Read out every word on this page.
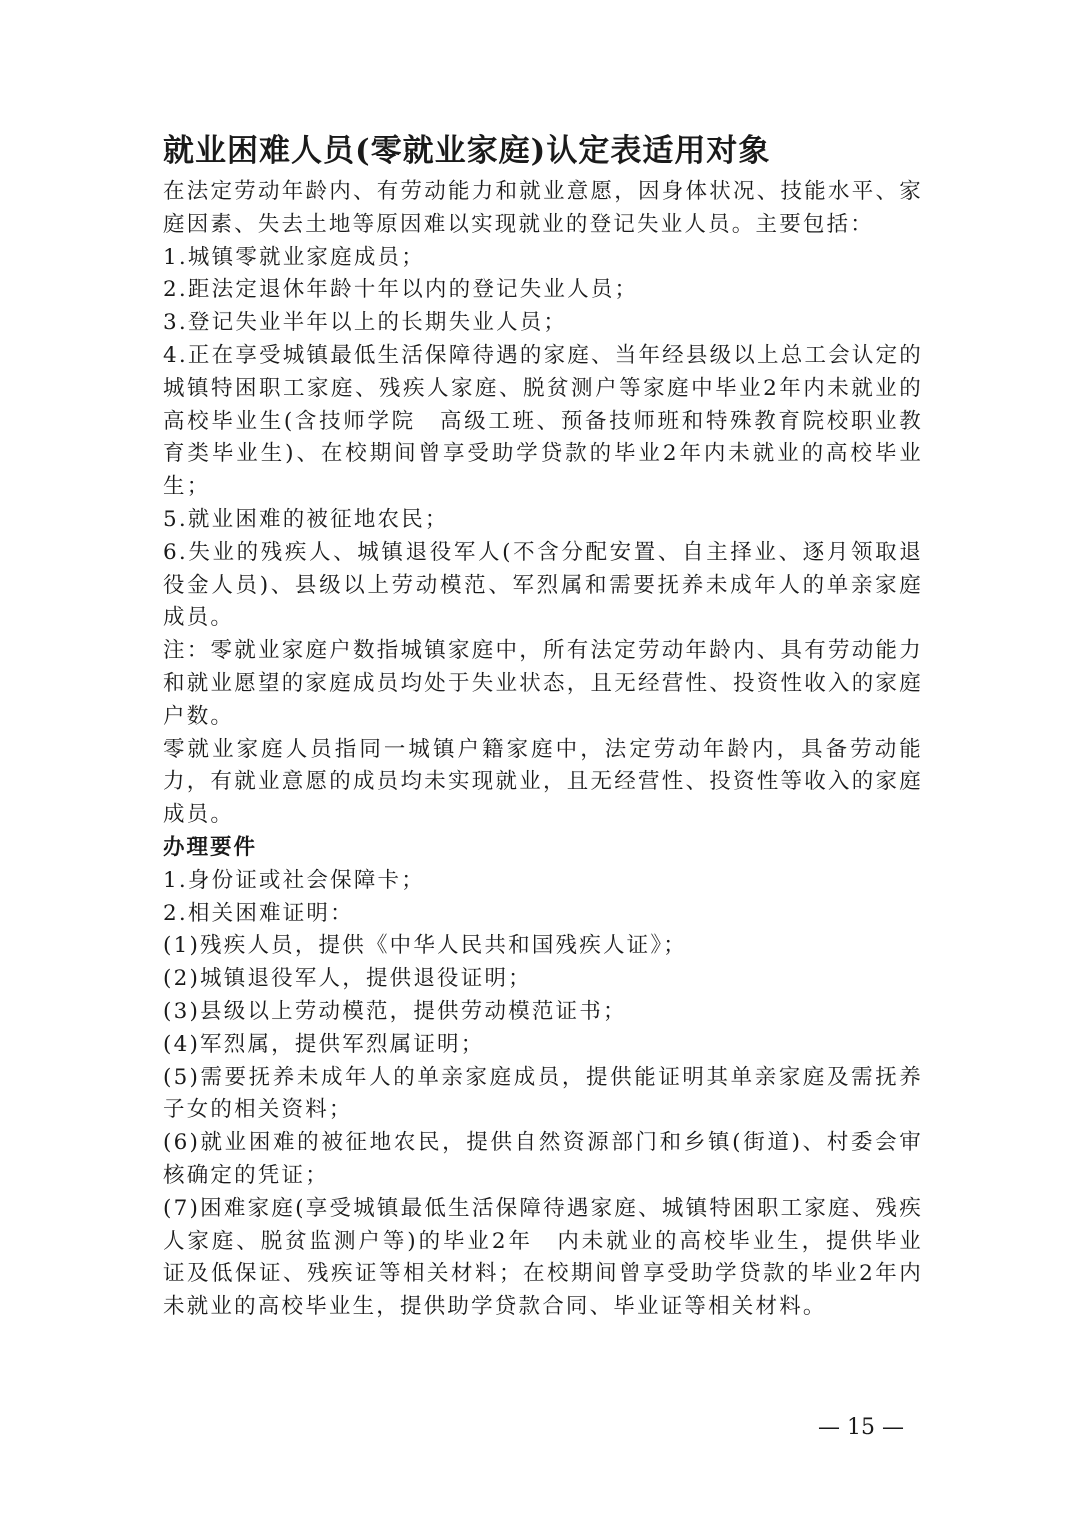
就业困难人员(零就业家庭)认定表适用对象

在法定劳动年龄内、有劳动能力和就业意愿，因身体状况、技能水平、家庭因素、失去土地等原因难以实现就业的登记失业人员。主要包括：

1.城镇零就业家庭成员；

2.距法定退休年龄十年以内的登记失业人员；

3.登记失业半年以上的长期失业人员；

4.正在享受城镇最低生活保障待遇的家庭、当年经县级以上总工会认定的城镇特困职工家庭、残疾人家庭、脱贫测户等家庭中毕业2年内未就业的高校毕业生(含技师学院　高级工班、预备技师班和特殊教育院校职业教育类毕业生)、在校期间曾享受助学贷款的毕业2年内未就业的高校毕业生；

5.就业困难的被征地农民；

6.失业的残疾人、城镇退役军人(不含分配安置、自主择业、逐月领取退役金人员)、县级以上劳动模范、军烈属和需要抚养未成年人的单亲家庭成员。

注：零就业家庭户数指城镇家庭中，所有法定劳动年龄内、具有劳动能力和就业愿望的家庭成员均处于失业状态，且无经营性、投资性收入的家庭户数。

零就业家庭人员指同一城镇户籍家庭中，法定劳动年龄内，具备劳动能力，有就业意愿的成员均未实现就业，且无经营性、投资性等收入的家庭成员。

办理要件

1.身份证或社会保障卡；

2.相关困难证明：

(1)残疾人员，提供《中华人民共和国残疾人证》；

(2)城镇退役军人，提供退役证明；

(3)县级以上劳动模范，提供劳动模范证书；

(4)军烈属，提供军烈属证明；

(5)需要抚养未成年人的单亲家庭成员，提供能证明其单亲家庭及需抚养子女的相关资料；

(6)就业困难的被征地农民，提供自然资源部门和乡镇(街道)、村委会审核确定的凭证；

(7)困难家庭(享受城镇最低生活保障待遇家庭、城镇特困职工家庭、残疾人家庭、脱贫监测户等)的毕业2年　内未就业的高校毕业生，提供毕业证及低保证、残疾证等相关材料；在校期间曾享受助学贷款的毕业2年内未就业的高校毕业生，提供助学贷款合同、毕业证等相关材料。

— 15 —
